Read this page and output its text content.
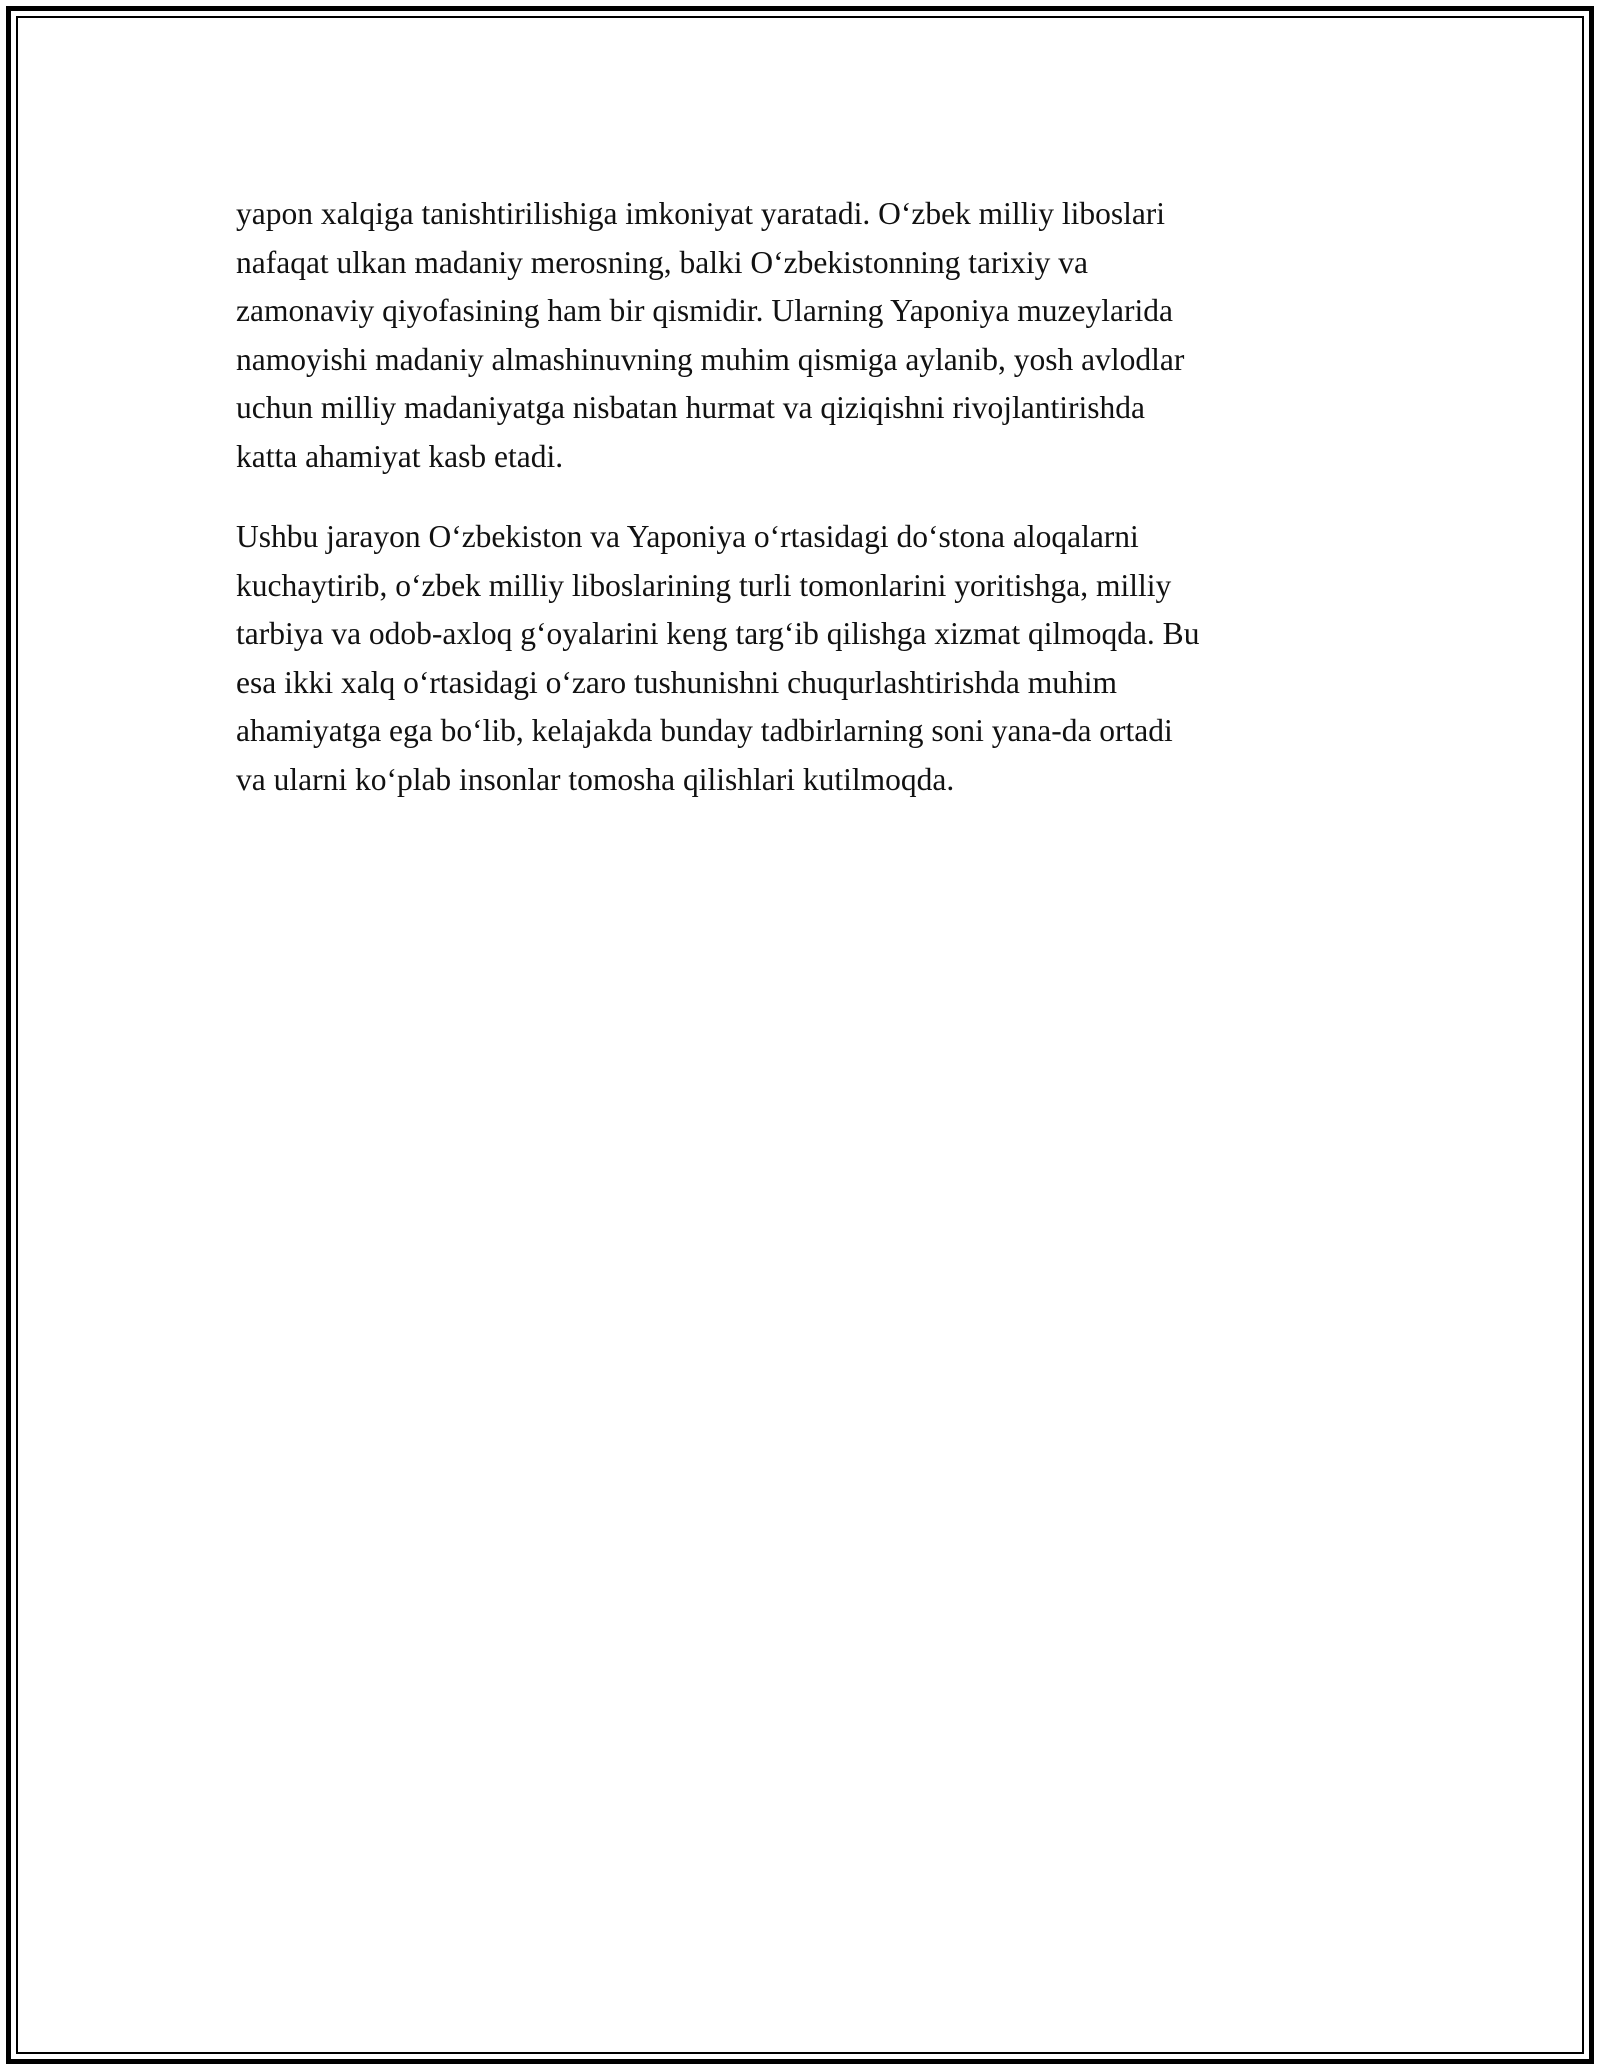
yapon xalqiga tanishtirilishiga imkoniyat yaratadi. O‘zbek milliy liboslari
nafaqat ulkan madaniy merosning, balki O‘zbekistonning tarixiy va
zamonaviy qiyofasining ham bir qismidir. Ularning Yaponiya muzeylarida
namoyishi madaniy almashinuvning muhim qismiga aylanib, yosh avlodlar
uchun milliy madaniyatga nisbatan hurmat va qiziqishni rivojlantirishda
katta ahamiyat kasb etadi.

Ushbu jarayon O‘zbekiston va Yaponiya o‘rtasidagi do‘stona aloqalarni
kuchaytirib, o‘zbek milliy liboslarining turli tomonlarini yoritishga, milliy
tarbiya va odob-axloq g‘oyalarini keng targ‘ib qilishga xizmat qilmoqda. Bu
esa ikki xalq o‘rtasidagi o‘zaro tushunishni chuqurlashtirishda muhim
ahamiyatga ega bo‘lib, kelajakda bunday tadbirlarning soni yana-da ortadi
va ularni ko‘plab insonlar tomosha qilishlari kutilmoqda.
